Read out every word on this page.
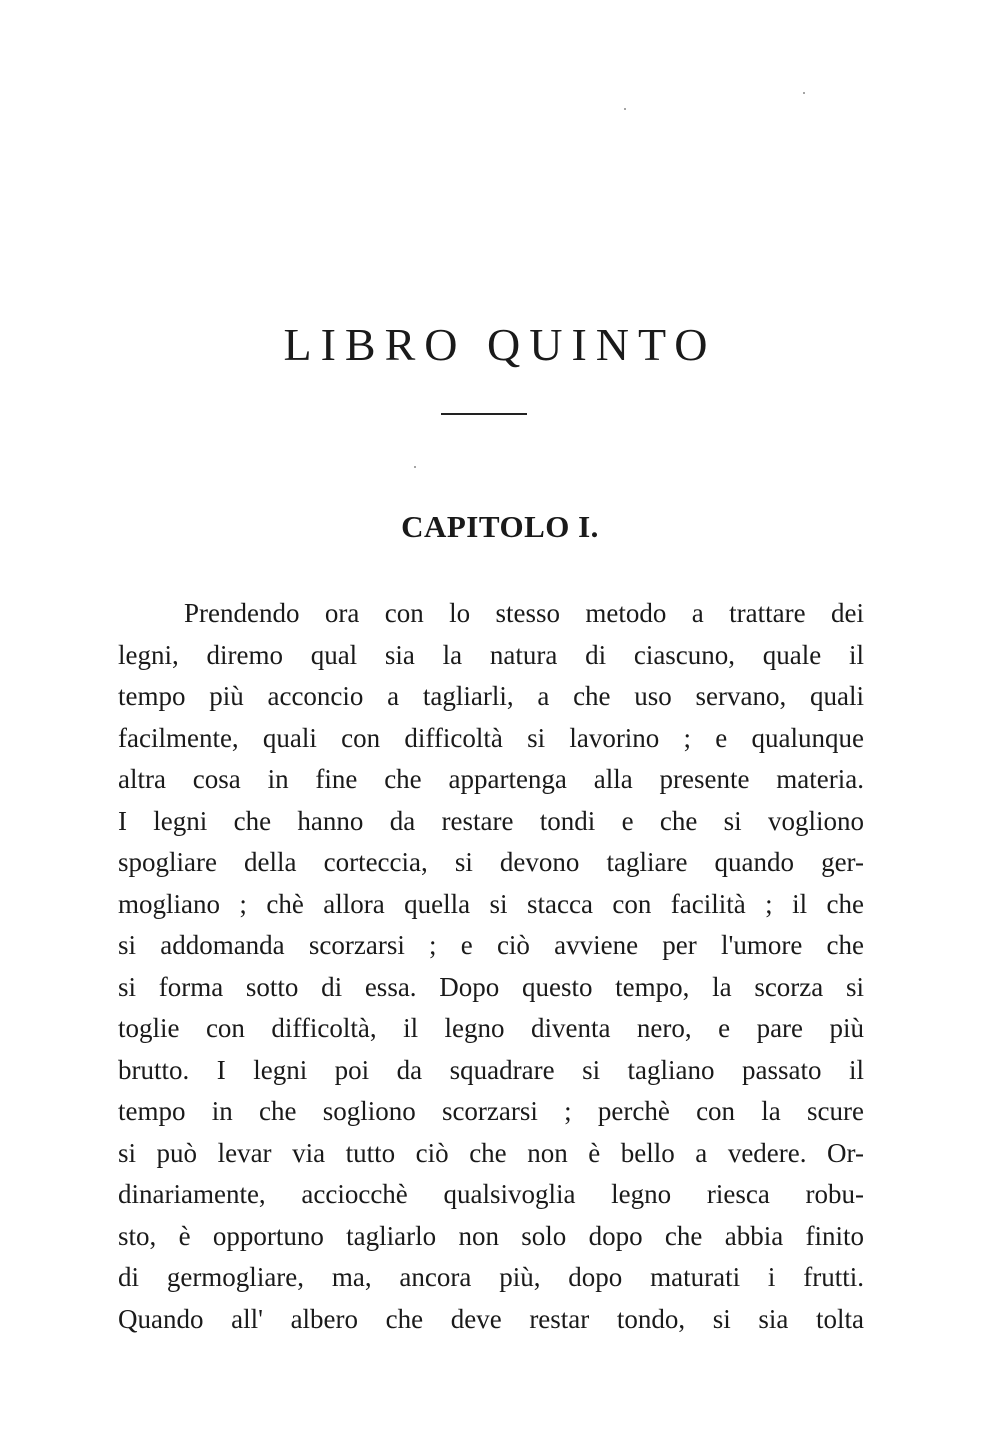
LIBRO QUINTO
CAPITOLO I.
Prendendo ora con lo stesso metodo a trattare dei
legni, diremo qual sia la natura di ciascuno, quale il
tempo più acconcio a tagliarli, a che uso servano, quali
facilmente, quali con difficoltà si lavorino ; e qualunque
altra cosa in fine che appartenga alla presente materia.
I legni che hanno da restare tondi e che si vogliono
spogliare della corteccia, si devono tagliare quando ger-
mogliano ; chè allora quella si stacca con facilità ; il che
si addomanda scorzarsi ; e ciò avviene per l'umore che
si forma sotto di essa. Dopo questo tempo, la scorza si
toglie con difficoltà, il legno diventa nero, e pare più
brutto. I legni poi da squadrare si tagliano passato il
tempo in che sogliono scorzarsi ; perchè con la scure
si può levar via tutto ciò che non è bello a vedere. Or-
dinariamente, acciocchè qualsivoglia legno riesca robu-
sto, è opportuno tagliarlo non solo dopo che abbia finito
di germogliare, ma, ancora più, dopo maturati i frutti.
Quando all' albero che deve restar tondo, si sia tolta
